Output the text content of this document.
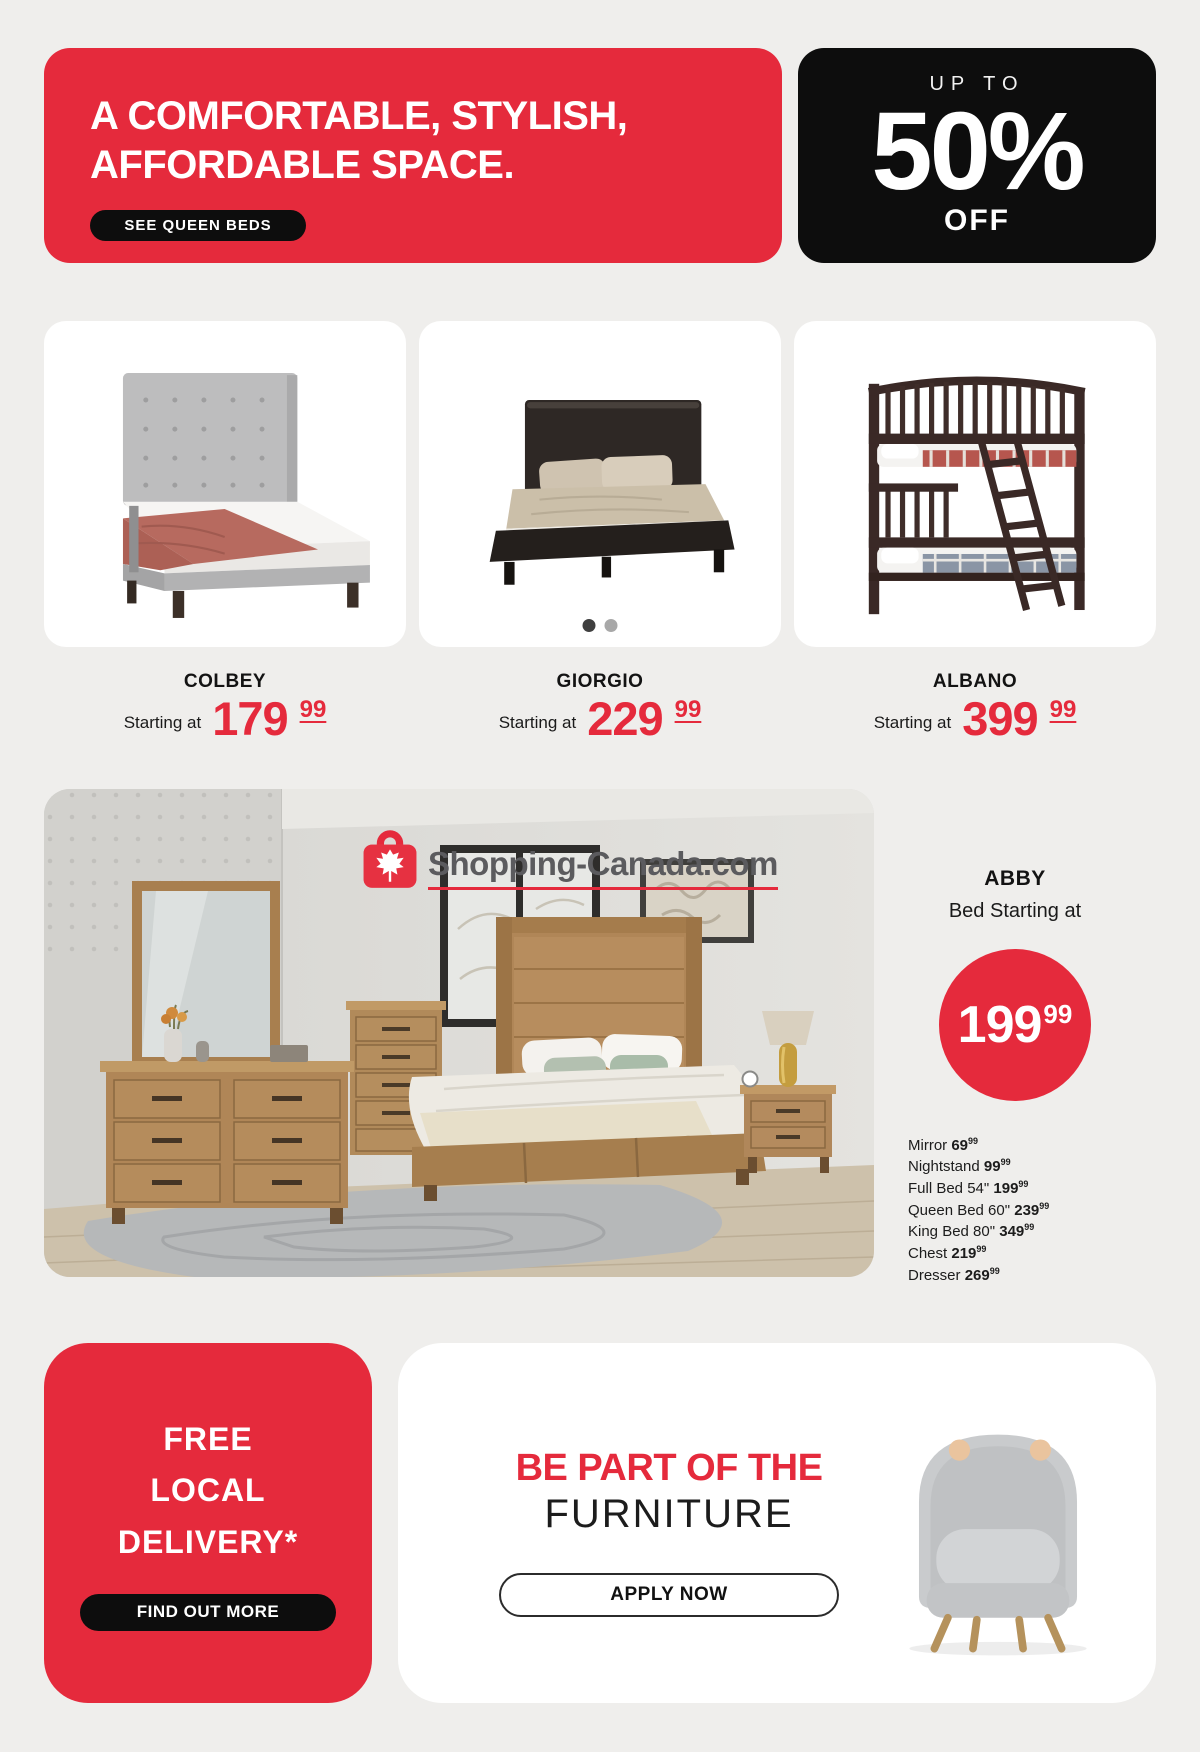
A COMFORTABLE, STYLISH,
AFFORDABLE SPACE.
SEE QUEEN BEDS
UP TO
50%
OFF
COLBEY
Starting at 179 99
GIORGIO
Starting at 229 99
ALBANO
Starting at 399 99
Shopping-Canada.com	ABBY
Bed Starting at
199 99
Mirror $69^{99}$
Nightstand $99^{99}$
Full Bed 54" $199^{99}$
Queen Bed 60" $239^{99}$
King Bed 80" $349^{99}$
Chest $219^{99}$
Dresser $269^{99}$
FREE
LOCAL
DELIVERY*
FIND OUT MORE
BE PART OF THE
FURNITURE
APPLY NOW
